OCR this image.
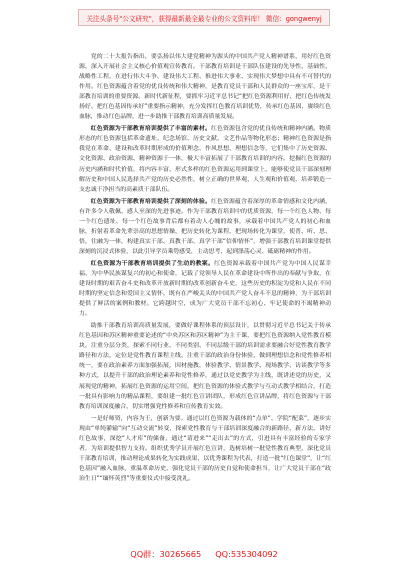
关注头条号"公文研究"，获得最新最全最专业的公文资料库！ 微信：gongwenyj

党的二十大报告指出，要弘扬以伟大建党精神为源头的中国共产党人精神谱系，用好红色资源，深入开展社会主义核心价值观宣传教育。干部教育培训是干部队伍建设的先导性、基础性、战略性工程，在进行伟大斗争、建设伟大工程、推进伟大事业、实现伟大梦想中具有不可替代的作用。红色资源蕴含着党的优良传统和伟大精神，是教育党员干部和人民群众的一座宝库，是干部教育培训的重要资源。新时代新征程，要抓牢习近平总书记“把红色资源利用好、把红色传统发扬好、把红色基因传承好”重要指示精神，充分发挥红色教育培训优势，传承红色基因，赓续红色血脉，推动红色品牌，进一步助推干部教育培训高质量发展。

红色资源为干部教育培训提供了丰富的素材。红色资源包含党的优良传统和精神内涵。物质形态的红色资源包括革命遗址、纪念场馆、历史文献、文艺作品等物化形态；精神红色资源是指我党在革命、建设和改革时期形成的价值理念、作风思想、理想信念等，它们集中了历史资源、文化资源、政治资源、精神资源于一体，极大丰富拓展了干部教育培训的内容。挖掘红色资源的历史内涵和时代价值，将内容丰富、形式多样的红色资源运用到课堂上，能够使党员干部深刻理解历史和中国人民选择共产党的历史必然性，树立正确的世界观、人生观和价值观，培养锻造一支忠诚干净担当的高素质干部队伍。

红色资源为干部教育培训提供了深刻的体验。红色资源蕴含着深厚的革命情感和文化内涵，有许多令人敬佩、感人至深的先进事迹。作为干部教育培训中的优质资源，每一个红色人物、每一个红色遗址、每一个红色故事背后都有着动人心魄的故事，承载着中国共产党人的初心和血脉，折射着革命先辈崇高的思想情操，把历史转化为课程，把现场转化为课堂，使普、听、思、悟，往融为一体，构建真实干部、真教干部、真学干部“信仰情怀”，增强干部教育培训课堂提供深刻的沉浸式体验，以此引导学员乘势感受，主动思考，起到涤荡心灵、砥砺精神的作用。

红色资源为干部教育培训提供了生动的教案。红色资源承载着中国共产党为中国人民谋幸福、为中华民族谋复兴的初心和使命，记载了党领导人民在革命建设中所作出的奉献与争取，在建设时期的艰苦奋斗史和改革开放新时期的改革创新奋斗史，这些历史的积淀为党和人民在不同时期的坚定信念和爱国主义情怀，既有在严峻关头的中国共产党人奋斗不息的精神，为干部培训提供了鲜活的案例和教材。它跨越时空，成为广大党员干部不忘初心、牢记使命的不竭精神动力。

助推干部教育培训高质量发展，要做好课程体系的顶层设计，以贯彻习近平总书记关于传承红色基因和苏区精神重要论述的“中央苏区和苏区精神”为主干课，要把红色资源纳入党性教育模块，注重分层分类，探索不同行业、不同类别、不同层级干部的培训需求要融合好党性教育教学路径和方法，定位是党性教育课程主线，注重干部的政治身份体验，做到理想信念和党性修养相统一，要在政治素养方面加强拓展，因材施教，体验教学、情景教学、现场教学、访谈教学等多种方式，以提升干部的政治理论素养和党性修养，通过以党史教学为主线，既讲述党的历史，又展现党的精神，拓展红色资源的运用空间，把红色资源的体验式教学与互动式教学相结合，打造一批具有影响力的精品课程，要组建一批红色宣讲团队，形成红色宣讲品牌，将红色资源与干部教育培训深度融合，切实增强党性修养和宣传教育实效。

一是好师资，内容为王，创新为要。通过以红色资源为载体的“点单”、学院“配菜”，逐步实现由“单纯灌输”向“互动交流”转变，探索党性教育与干部培训深度融合的新路径、新方法，讲好红色故事，深挖“人才库”的储备，通过“请进来”“走出去”的方式，引进具有丰富经验的专家学者，为培训提供智力支持。组织优秀学员开展红色宣讲，选树培树一批党性教育典型，深化党员干部教育培训，推动理论成果转化为实践成果，以优秀课程为代表，打造一批“红色课堂”，让“红色基因”融入血脉，重温革命历史，强化党员干部的历史自觉和使命担当，让广大党员干部在“政治生日”“缅怀英烈”等重要仪式中接受洗礼。

QQ群：30265665 QQ:535304092
